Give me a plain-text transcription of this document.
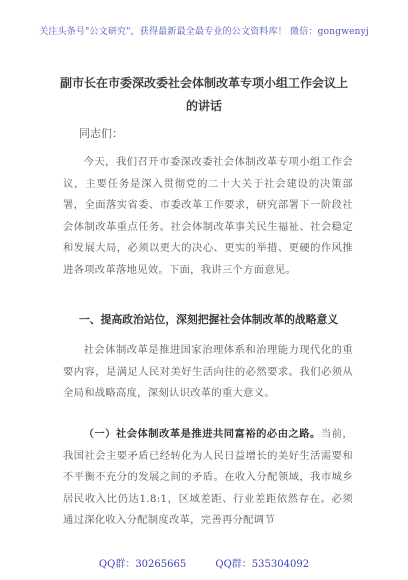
关注头条号"公文研究"，获得最新最全最专业的公文资料库！ 微信：gongwenyj
副市长在市委深改委社会体制改革专项小组工作会议上的讲话
同志们：
今天，我们召开市委深改委社会体制改革专项小组工作会议，主要任务是深入贯彻党的二十大关于社会建设的决策部署，全面落实省委、市委改革工作要求，研究部署下一阶段社会体制改革重点任务。社会体制改革事关民生福祉、社会稳定和发展大局，必须以更大的决心、更实的举措、更硬的作风推进各项改革落地见效。下面，我讲三个方面意见。
一、提高政治站位，深刻把握社会体制改革的战略意义
社会体制改革是推进国家治理体系和治理能力现代化的重要内容，是满足人民对美好生活向往的必然要求。我们必须从全局和战略高度，深刻认识改革的重大意义。
（一）社会体制改革是推进共同富裕的必由之路。当前，我国社会主要矛盾已经转化为人民日益增长的美好生活需要和不平衡不充分的发展之间的矛盾。在收入分配领域，我市城乡居民收入比仍达1.8:1，区域差距、行业差距依然存在。必须通过深化收入分配制度改革，完善再分配调节
QQ群：30265665	QQ群：535304092
